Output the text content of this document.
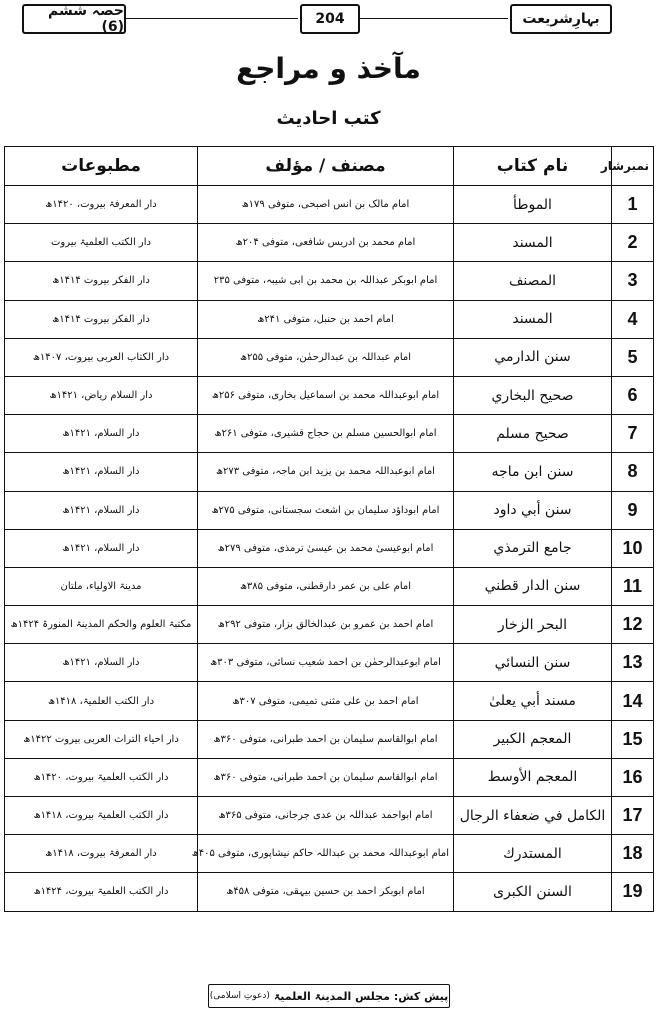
حصہ ششم (6)	204	بہارِشریعت
مآخذ و مراجع
کتب احادیث
نمبرشار	نام کتاب	مصنف / مؤلف	مطبوعات
1	الموطأ	امام مالک بن انس اصبحی، متوفی ۱۷۹ھ	دار المعرفۃ بیروت، ۱۴۲۰ھ
2	المسند	امام محمد بن ادریس شافعی، متوفی ۲۰۴ھ	دار الکتب العلمیۃ بیروت
3	المصنف	امام ابوبکر عبداللہ بن محمد بن ابی شیبہ، متوفی ۲۳۵	دار الفکر بیروت ۱۴۱۴ھ
4	المسند	امام احمد بن حنبل، متوفی ۲۴۱ھ	دار الفکر بیروت ۱۴۱۴ھ
5	سنن الدارمي	امام عبداللہ بن عبدالرحمٰن، متوفی ۲۵۵ھ	دار الکتاب العربی بیروت، ۱۴۰۷ھ
6	صحيح البخاري	امام ابوعبداللہ محمد بن اسماعیل بخاری، متوفی ۲۵۶ھ	دار السلام ریاض، ۱۴۲۱ھ
7	صحيح مسلم	امام ابوالحسین مسلم بن حجاج قشیری، متوفی ۲۶۱ھ	دار السلام، ۱۴۲۱ھ
8	سنن ابن ماجه	امام ابوعبداللہ محمد بن یزید ابن ماجہ، متوفی ۲۷۳ھ	دار السلام، ۱۴۲۱ھ
9	سنن أبي داود	امام ابوداؤد سلیمان بن اشعث سجستانی، متوفی ۲۷۵ھ	دار السلام، ۱۴۲۱ھ
10	جامع الترمذي	امام ابوعیسیٰ محمد بن عیسیٰ ترمذی، متوفی ۲۷۹ھ	دار السلام، ۱۴۲۱ھ
11	سنن الدار قطني	امام علی بن عمر دارقطنی، متوفی ۳۸۵ھ	مدینۃ الاولیاء، ملتان
12	البحر الزخار	امام احمد بن عمرو بن عبدالخالق بزار، متوفی ۲۹۲ھ	مکتبۃ العلوم والحکم المدینۃ المنورۃ ۱۴۲۴ھ
13	سنن النسائي	امام ابوعبدالرحمٰن بن احمد شعیب نسائی، متوفی ۳۰۳ھ	دار السلام، ۱۴۲۱ھ
14	مسند أبي يعلىٰ	امام احمد بن علی مثنی تمیمی، متوفی ۳۰۷ھ	دار الکتب العلمیۃ، ۱۴۱۸ھ
15	المعجم الكبير	امام ابوالقاسم سلیمان بن احمد طبرانی، متوفی ۳۶۰ھ	دار احیاء التراث العربی بیروت ۱۴۲۲ھ
16	المعجم الأوسط	امام ابوالقاسم سلیمان بن احمد طبرانی، متوفی ۳۶۰ھ	دار الکتب العلمیۃ بیروت، ۱۴۲۰ھ
17	الكامل في ضعفاء الرجال	امام ابواحمد عبداللہ بن عدی جرجانی، متوفی ۳۶۵ھ	دار الکتب العلمیۃ بیروت، ۱۴۱۸ھ
18	المستدرك	امام ابوعبداللہ محمد بن عبداللہ حاکم نیشاپوری، متوفی ۴۰۵ھ	دار المعرفۃ بیروت، ۱۴۱۸ھ
19	السنن الكبرى	امام ابوبکر احمد بن حسین بیہقی، متوفی ۴۵۸ھ	دار الکتب العلمیۃ بیروت، ۱۴۲۴ھ
پیش کش:
مجلس المدینۃ العلمیۃ
(دعوتِ اسلامی)
